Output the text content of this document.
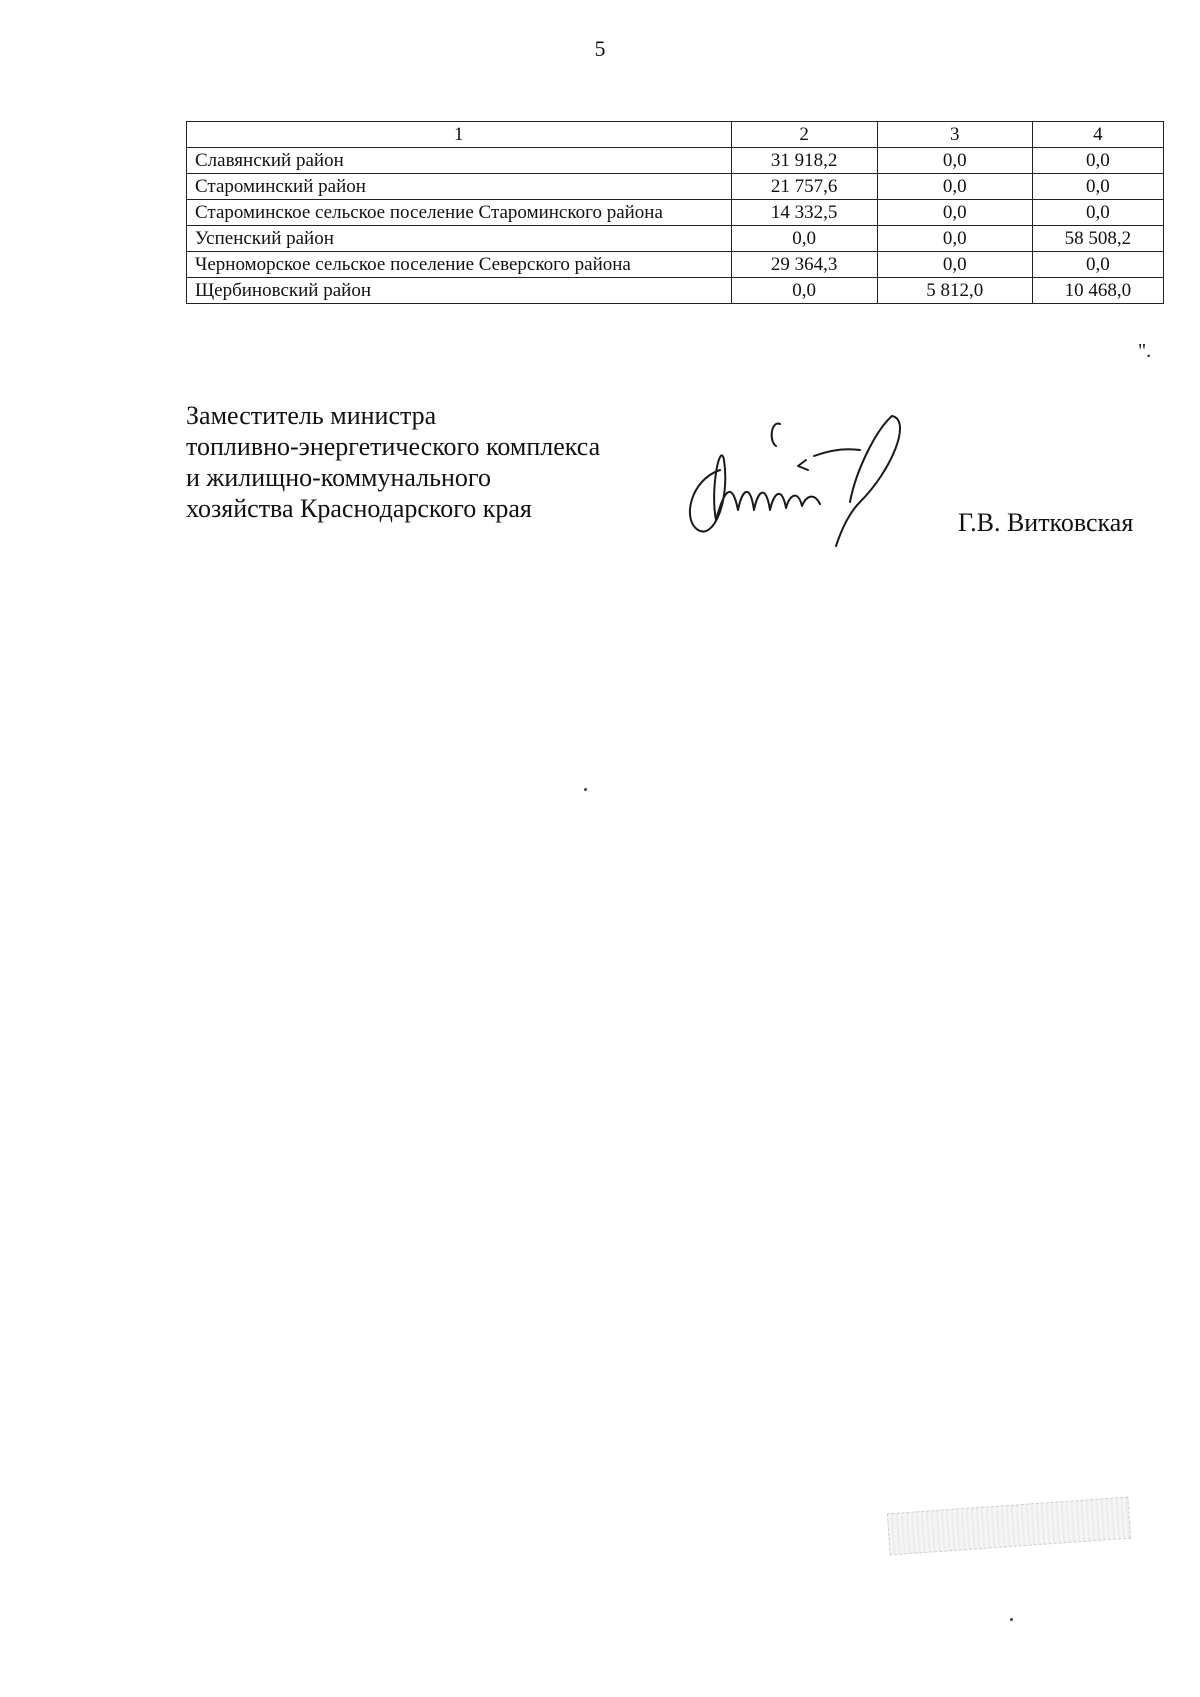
5
1	2	3	4
Славянский район	31 918,2	0,0	0,0
Староминский район	21 757,6	0,0	0,0
Староминское сельское поселение Староминского района	14 332,5	0,0	0,0
Успенский район	0,0	0,0	58 508,2
Черноморское сельское поселение Северского района	29 364,3	0,0	0,0
Щербиновский район	0,0	5 812,0	10 468,0
".
Заместитель министра
топливно-энергетического комплекса
и жилищно-коммунального
хозяйства Краснодарского края	Г.В. Витковская
